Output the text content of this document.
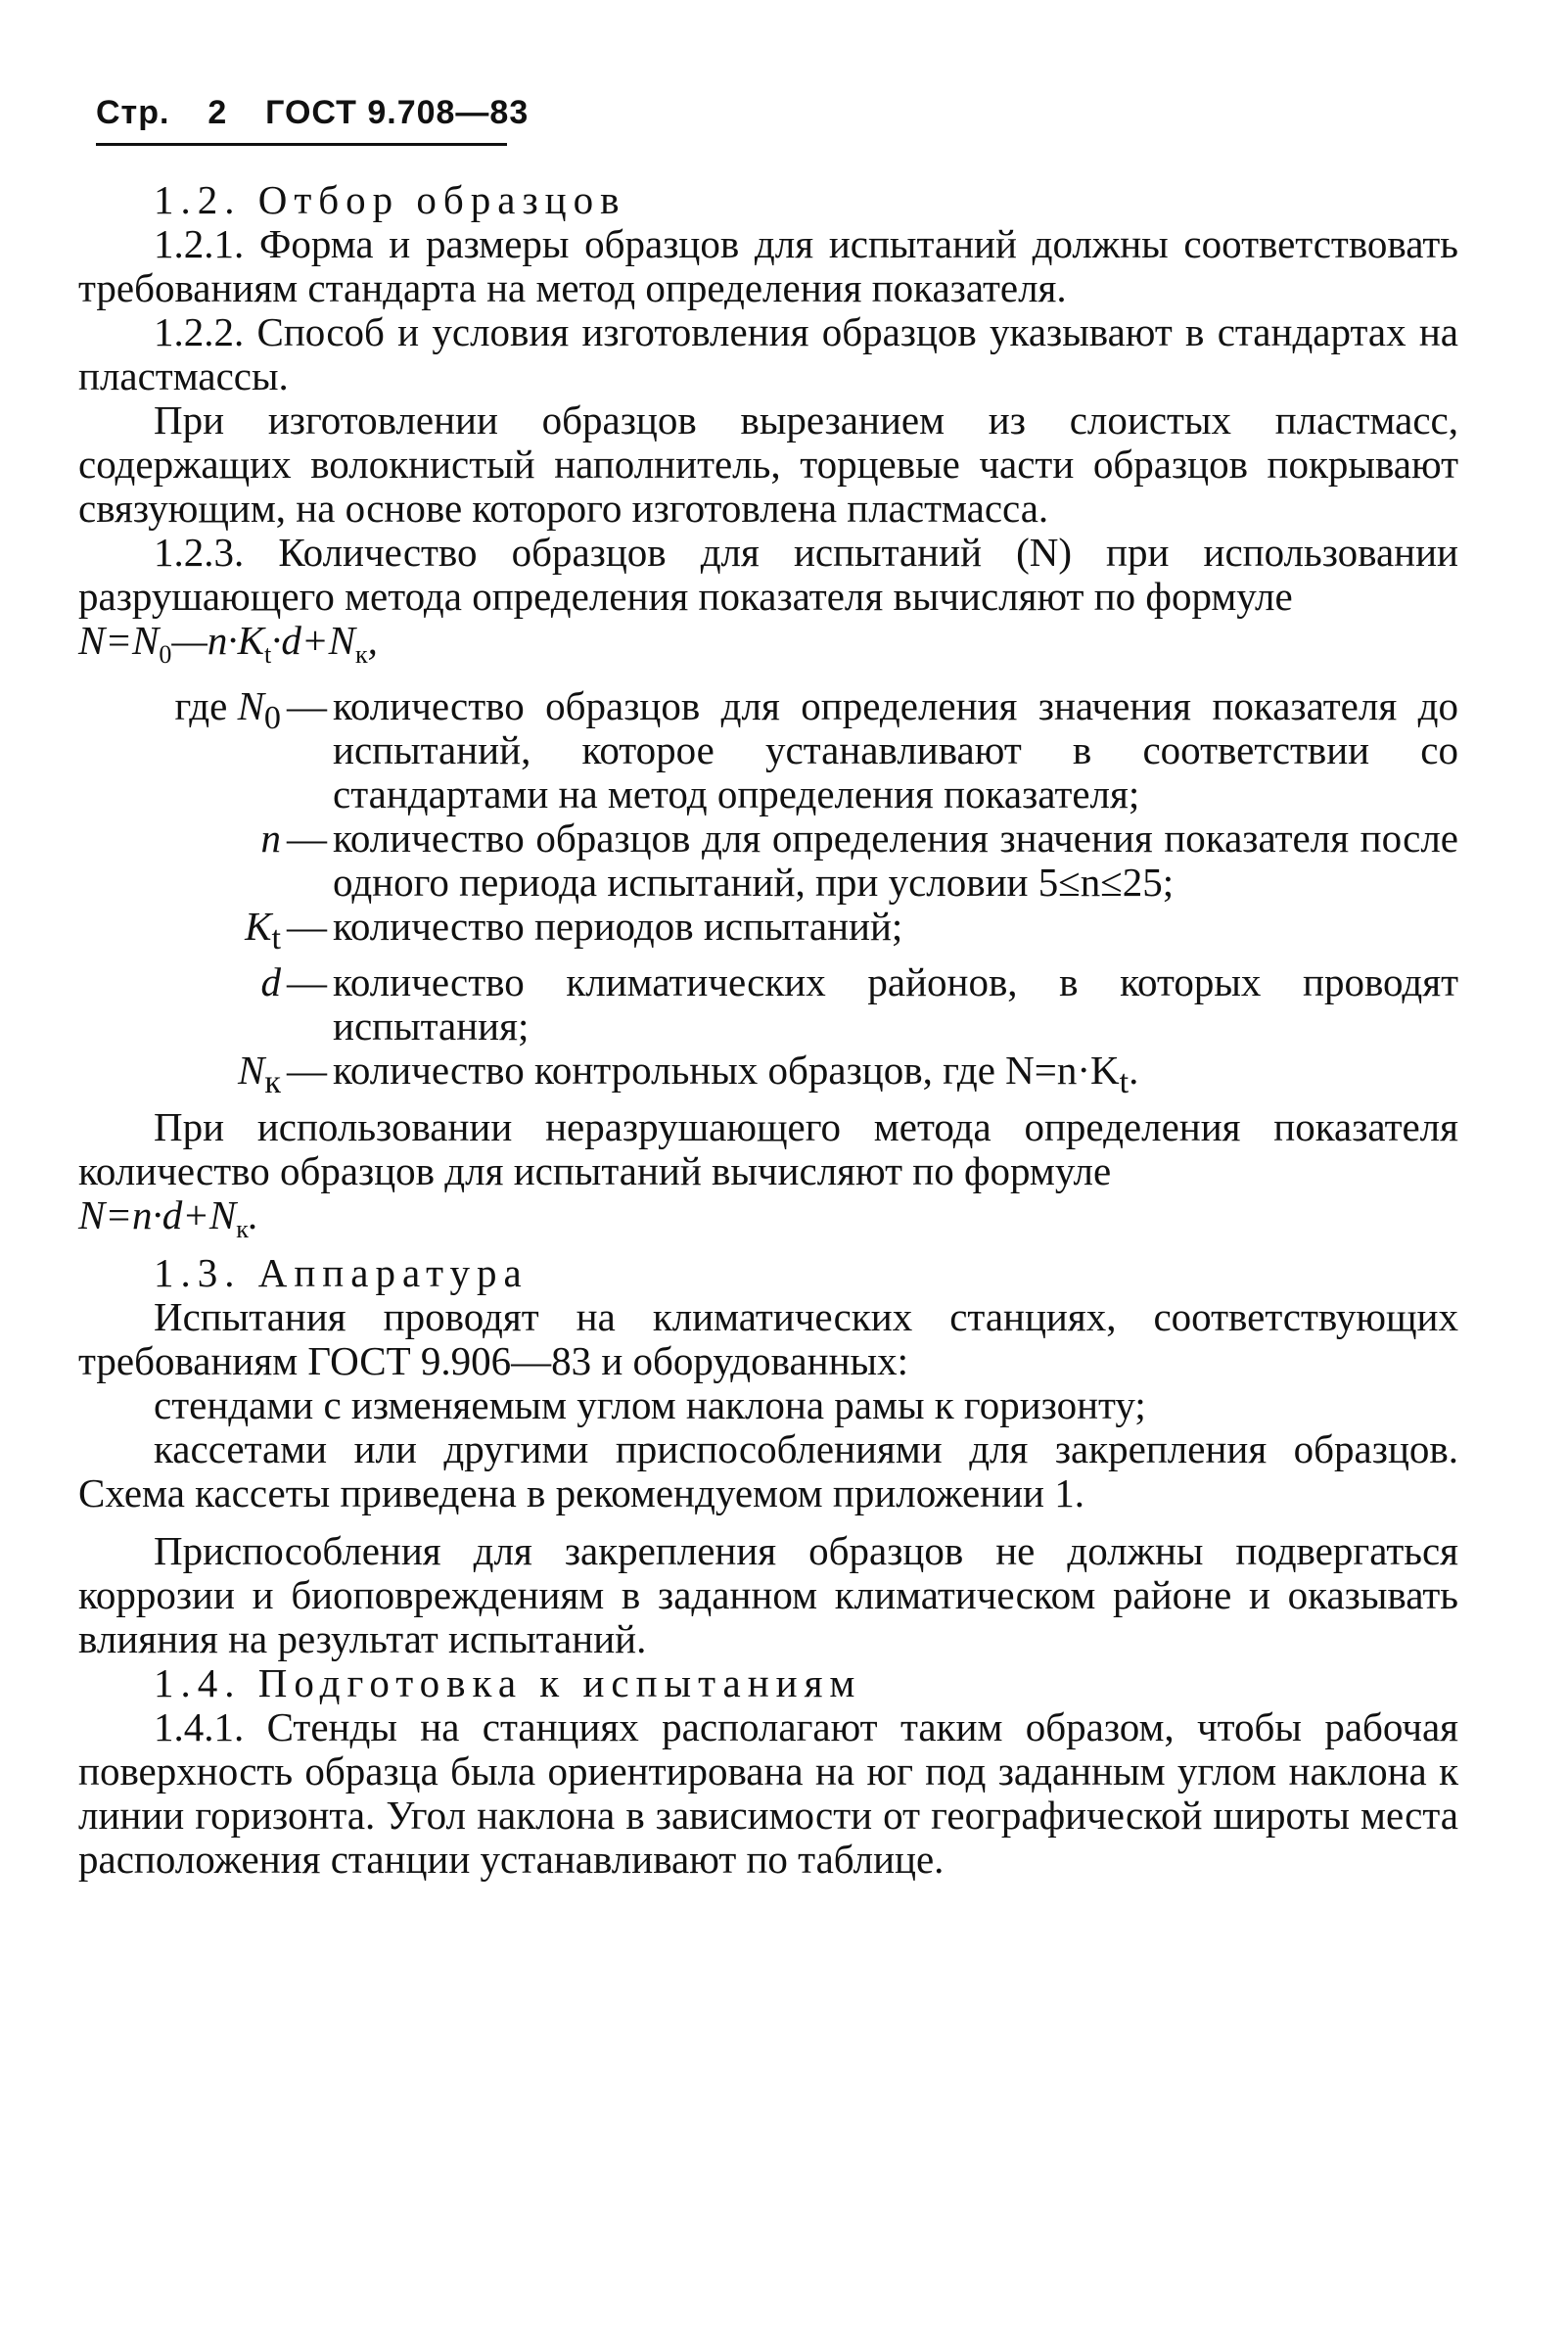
Стр. 2 ГОСТ 9.708—83

1.2. Отбор образцов

1.2.1. Форма и размеры образцов для испытаний должны соответствовать требованиям стандарта на метод определения показателя.

1.2.2. Способ и условия изготовления образцов указывают в стандартах на пластмассы.

При изготовлении образцов вырезанием из слоистых пластмасс, содержащих волокнистый наполнитель, торцевые части образцов покрывают связующим, на основе которого изготовлена пластмасса.

1.2.3. Количество образцов для испытаний (N) при использовании разрушающего метода определения показателя вычисляют по формуле

$N=N_0—n\cdot K_t\cdot d+N_к$,

где $N_0$ — количество образцов для определения значения показателя до испытаний, которое устанавливают в соответствии со стандартами на метод определения показателя;
n — количество образцов для определения значения показателя после одного периода испытаний, при условии 5≤n≤25;
$K_t$ — количество периодов испытаний;
d — количество климатических районов, в которых проводят испытания;
$N_к$ — количество контрольных образцов, где $N=n\cdot K_t$.

При использовании неразрушающего метода определения показателя количество образцов для испытаний вычисляют по формуле

$N=n\cdot d+N_к$.

1.3. Аппаратура

Испытания проводят на климатических станциях, соответствующих требованиям ГОСТ 9.906—83 и оборудованных:

стендами с изменяемым углом наклона рамы к горизонту;

кассетами или другими приспособлениями для закрепления образцов. Схема кассеты приведена в рекомендуемом приложении 1.

Приспособления для закрепления образцов не должны подвергаться коррозии и биоповреждениям в заданном климатическом районе и оказывать влияния на результат испытаний.

1.4. Подготовка к испытаниям

1.4.1. Стенды на станциях располагают таким образом, чтобы рабочая поверхность образца была ориентирована на юг под заданным углом наклона к линии горизонта. Угол наклона в зависимости от географической широты места расположения станции устанавливают по таблице.
